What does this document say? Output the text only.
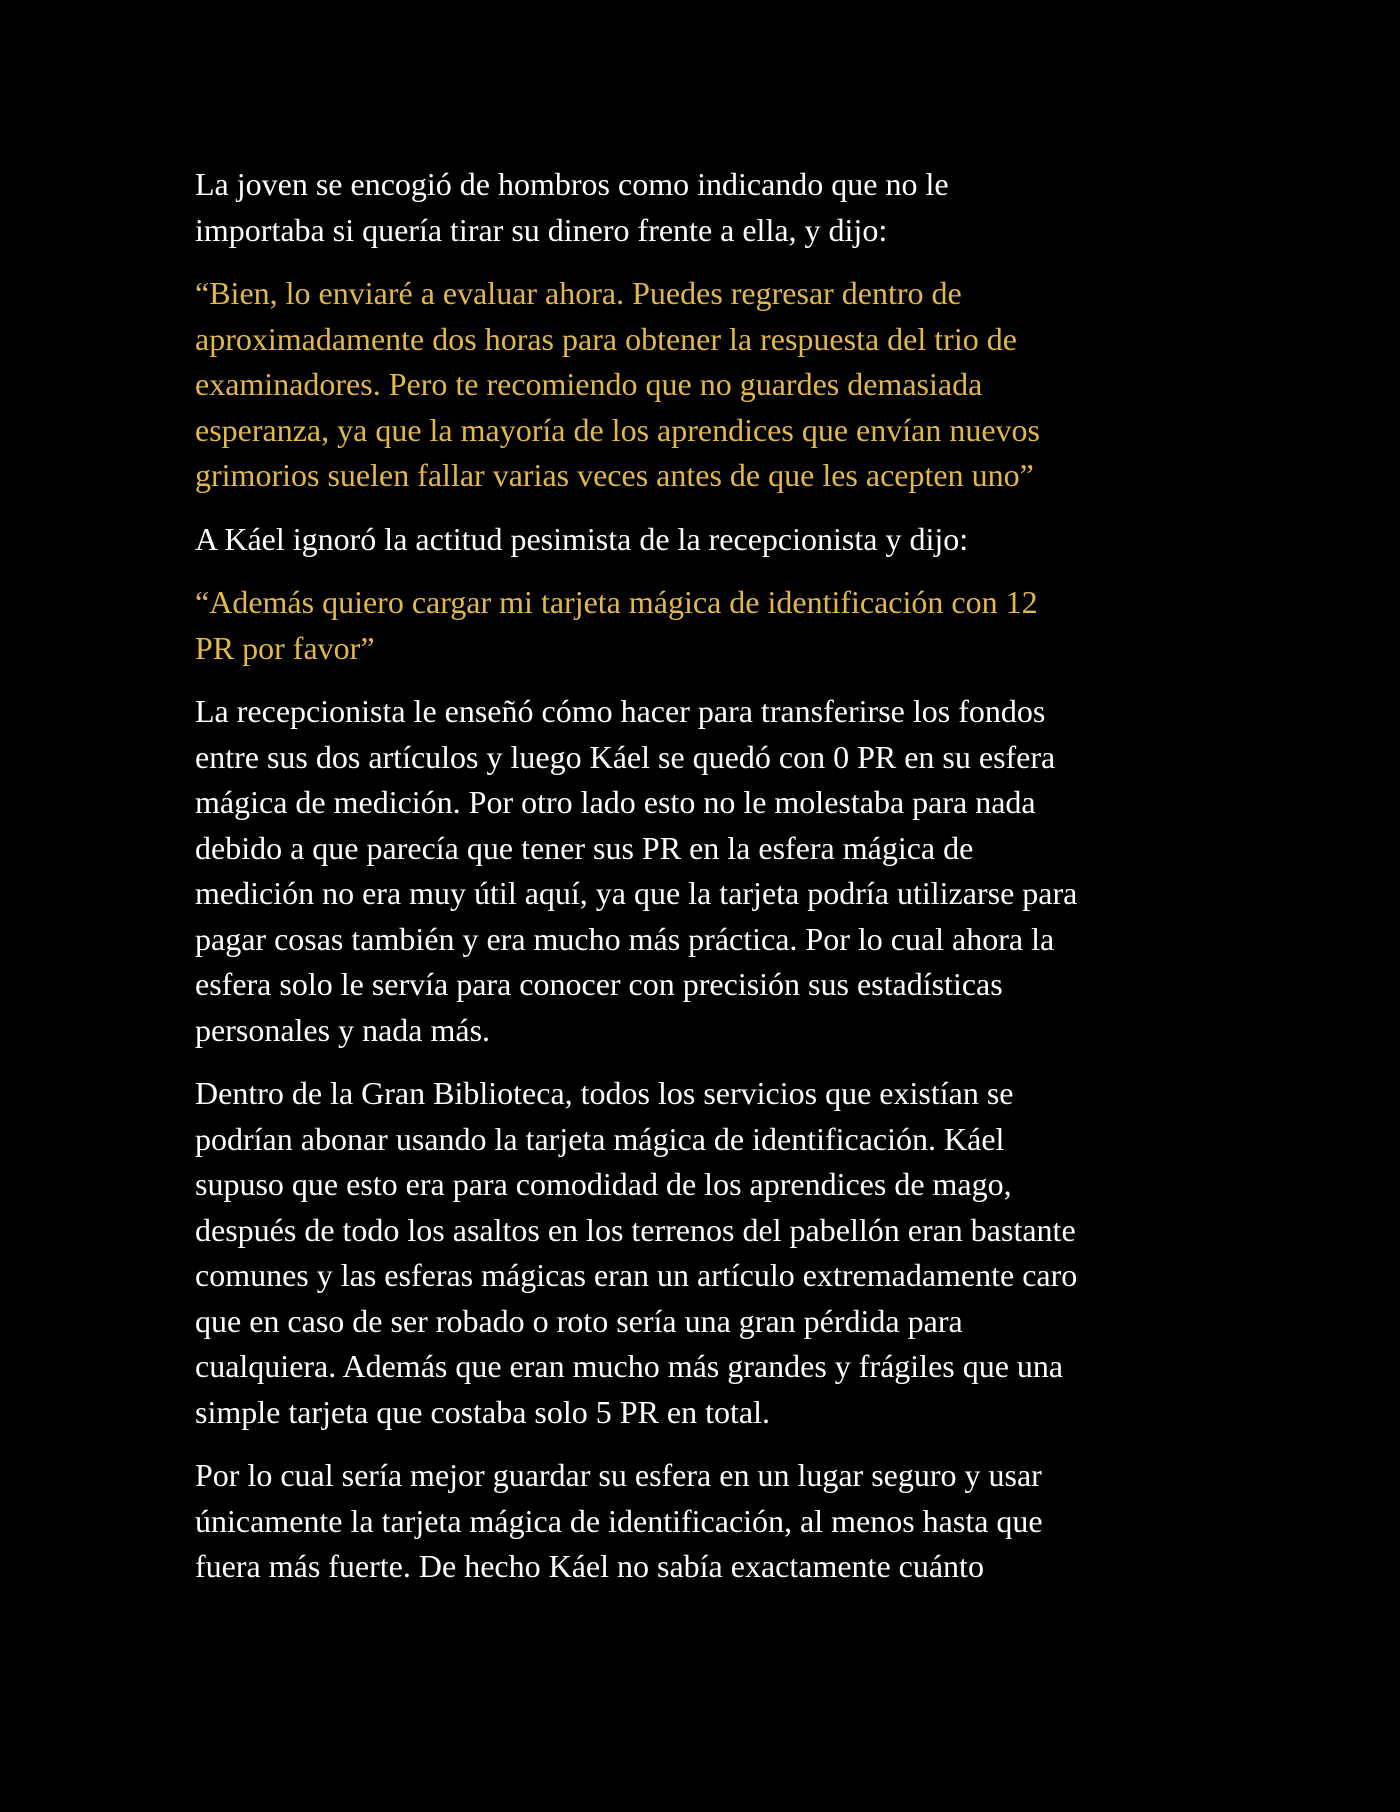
La joven se encogió de hombros como indicando que no le
importaba si quería tirar su dinero frente a ella, y dijo:

“Bien, lo enviaré a evaluar ahora. Puedes regresar dentro de
aproximadamente dos horas para obtener la respuesta del trio de
examinadores. Pero te recomiendo que no guardes demasiada
esperanza, ya que la mayoría de los aprendices que envían nuevos
grimorios suelen fallar varias veces antes de que les acepten uno”

A Káel ignoró la actitud pesimista de la recepcionista y dijo:

“Además quiero cargar mi tarjeta mágica de identificación con 12
PR por favor”

La recepcionista le enseñó cómo hacer para transferirse los fondos
entre sus dos artículos y luego Káel se quedó con 0 PR en su esfera
mágica de medición. Por otro lado esto no le molestaba para nada
debido a que parecía que tener sus PR en la esfera mágica de
medición no era muy útil aquí, ya que la tarjeta podría utilizarse para
pagar cosas también y era mucho más práctica. Por lo cual ahora la
esfera solo le servía para conocer con precisión sus estadísticas
personales y nada más.

Dentro de la Gran Biblioteca, todos los servicios que existían se
podrían abonar usando la tarjeta mágica de identificación. Káel
supuso que esto era para comodidad de los aprendices de mago,
después de todo los asaltos en los terrenos del pabellón eran bastante
comunes y las esferas mágicas eran un artículo extremadamente caro
que en caso de ser robado o roto sería una gran pérdida para
cualquiera. Además que eran mucho más grandes y frágiles que una
simple tarjeta que costaba solo 5 PR en total.

Por lo cual sería mejor guardar su esfera en un lugar seguro y usar
únicamente la tarjeta mágica de identificación, al menos hasta que
fuera más fuerte. De hecho Káel no sabía exactamente cuánto
